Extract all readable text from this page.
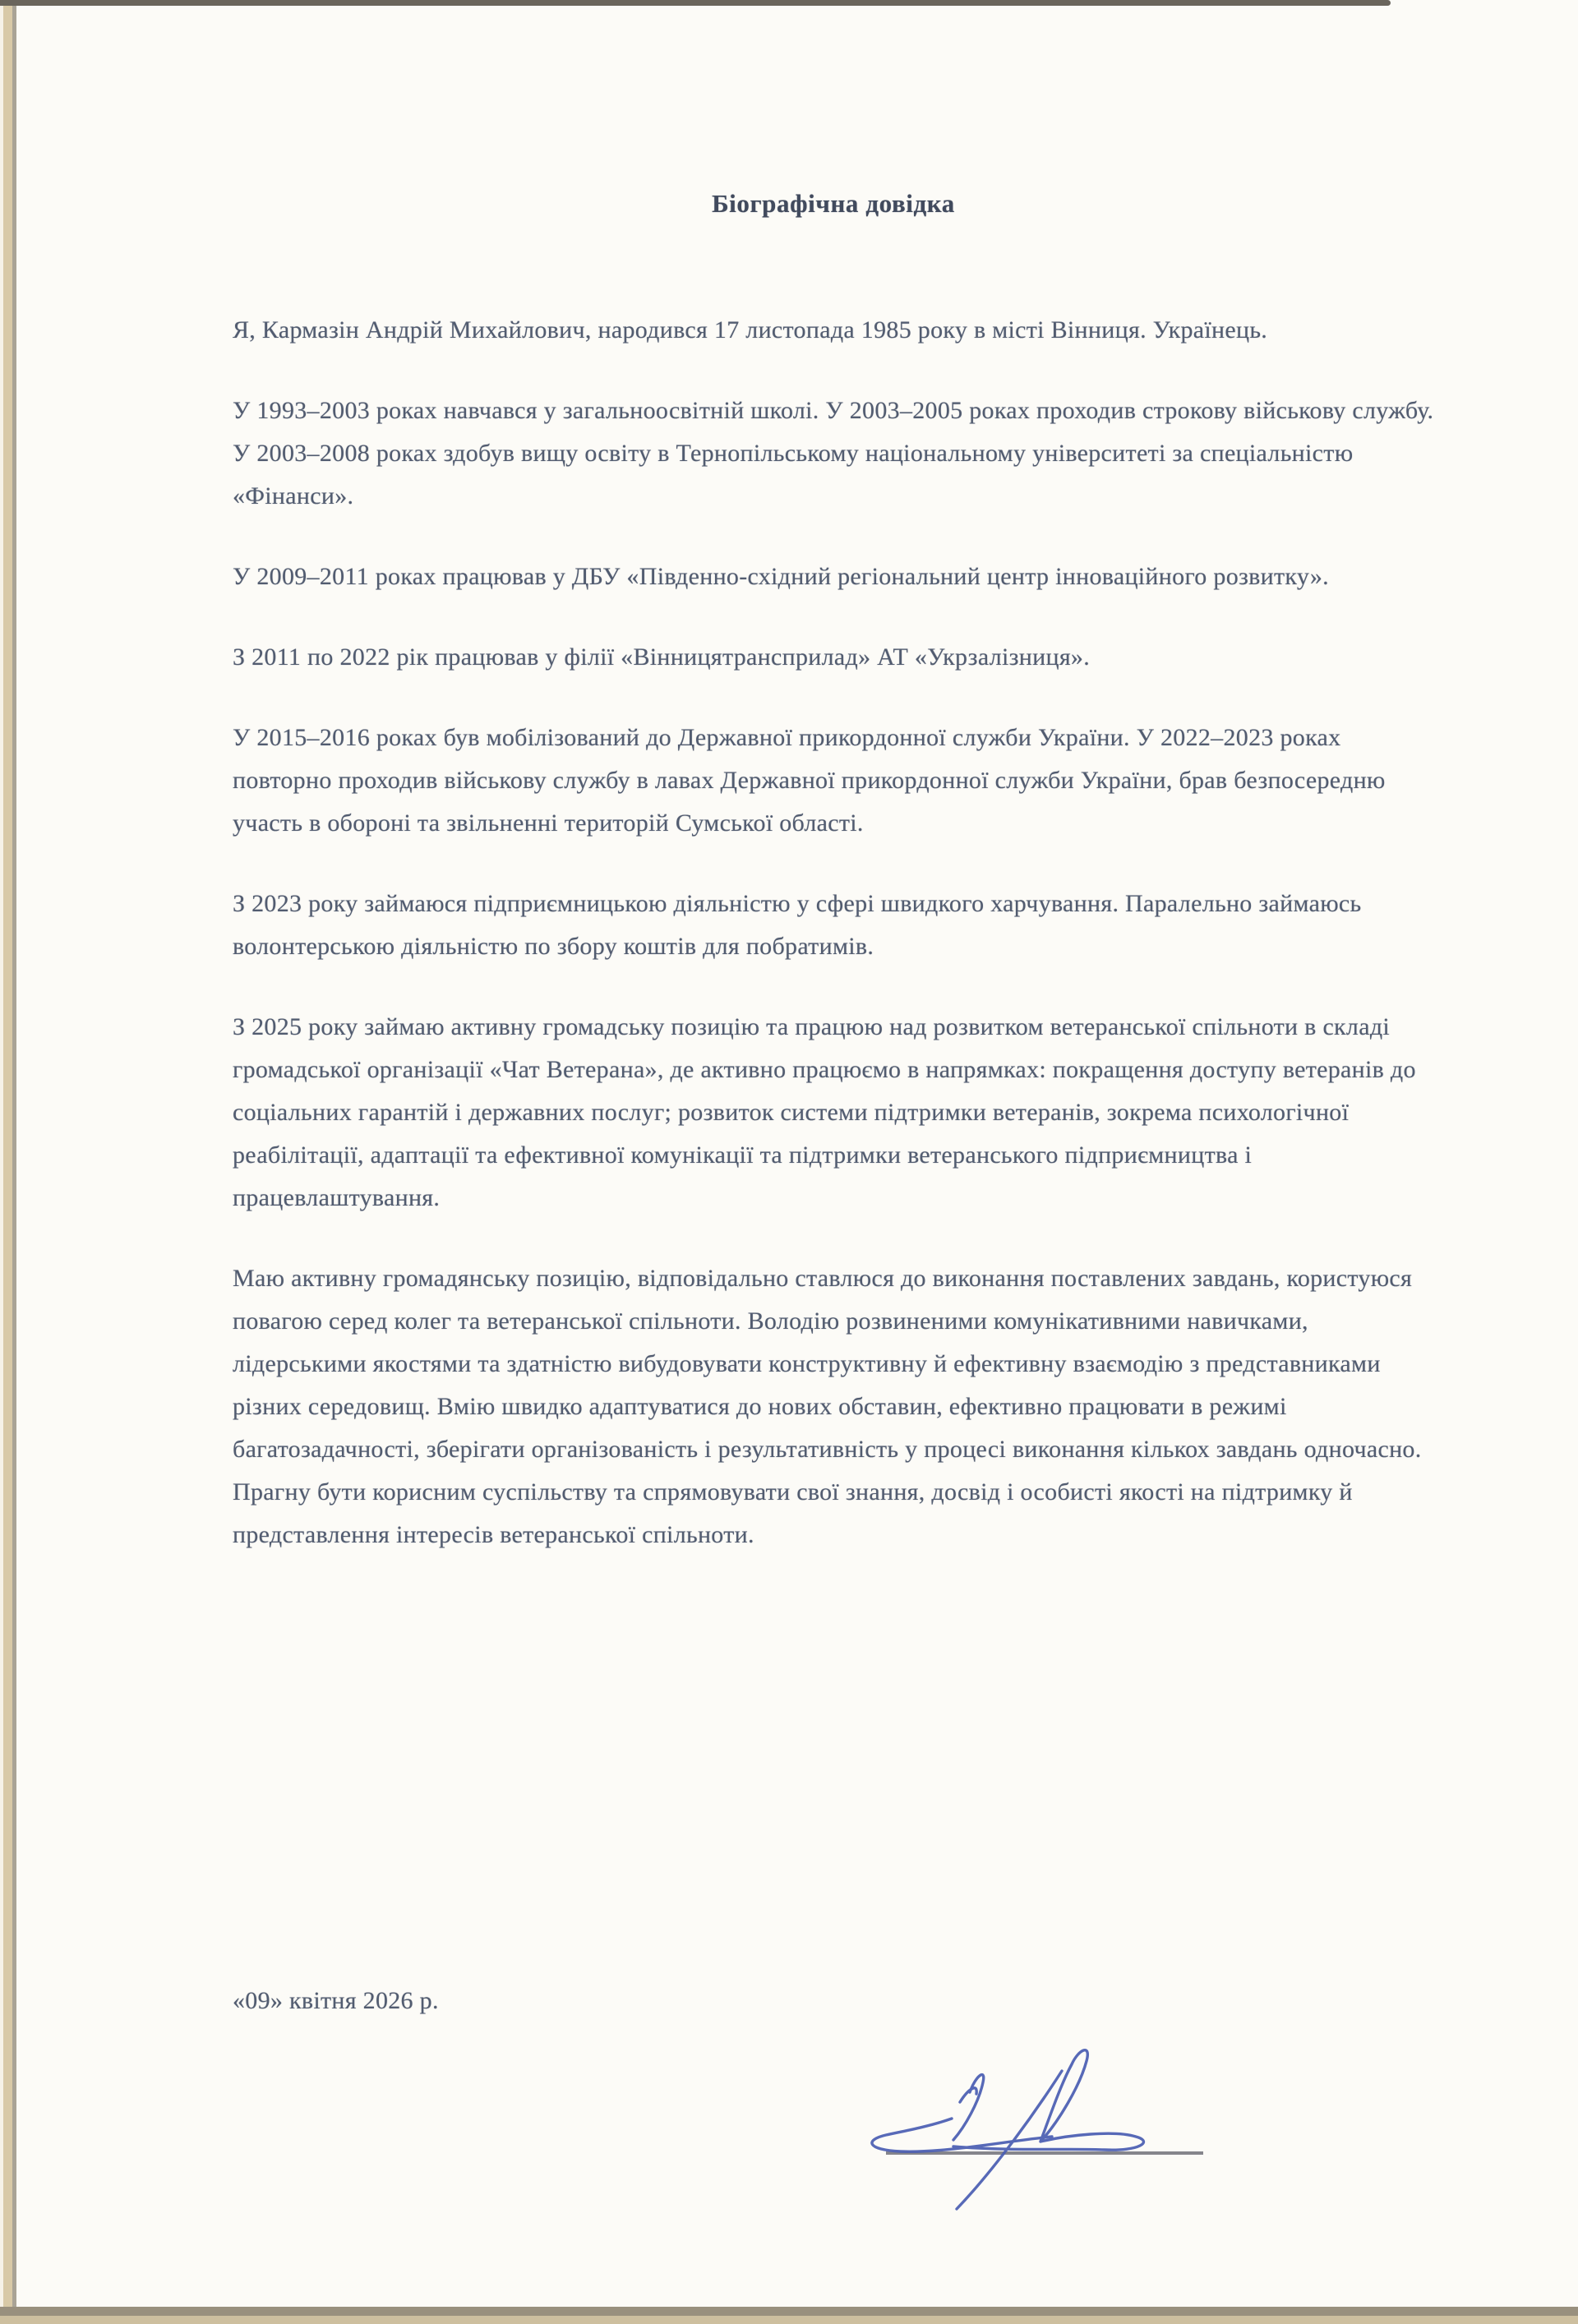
Біографічна довідка

Я, Кармазін Андрій Михайлович, народився 17 листопада 1985 року в місті Вінниця. Українець.

У 1993–2003 роках навчався у загальноосвітній школі. У 2003–2005 роках проходив строкову військову службу. У 2003–2008 роках здобув вищу освіту в Тернопільському національному університеті за спеціальністю «Фінанси».

У 2009–2011 роках працював у ДБУ «Південно-східний регіональний центр інноваційного розвитку».

З 2011 по 2022 рік працював у філії «Вінницятрансприлад» АТ «Укрзалізниця».

У 2015–2016 роках був мобілізований до Державної прикордонної служби України. У 2022–2023 роках повторно проходив військову службу в лавах Державної прикордонної служби України, брав безпосередню участь в обороні та звільненні територій Сумської області.

З 2023 року займаюся підприємницькою діяльністю у сфері швидкого харчування. Паралельно займаюсь волонтерською діяльністю по збору коштів для побратимів.

З 2025 року займаю активну громадську позицію та працюю над розвитком ветеранської спільноти в складі громадської організації «Чат Ветерана», де активно працюємо в напрямках: покращення доступу ветеранів до соціальних гарантій і державних послуг; розвиток системи підтримки ветеранів, зокрема психологічної реабілітації, адаптації та ефективної комунікації та підтримки ветеранського підприємництва і працевлаштування.

Маю активну громадянську позицію, відповідально ставлюся до виконання поставлених завдань, користуюся повагою серед колег та ветеранської спільноти. Володію розвиненими комунікативними навичками, лідерськими якостями та здатністю вибудовувати конструктивну й ефективну взаємодію з представниками різних середовищ. Вмію швидко адаптуватися до нових обставин, ефективно працювати в режимі багатозадачності, зберігати організованість і результативність у процесі виконання кількох завдань одночасно. Прагну бути корисним суспільству та спрямовувати свої знання, досвід і особисті якості на підтримку й представлення інтересів ветеранської спільноти.

«09» квітня 2026 р.
